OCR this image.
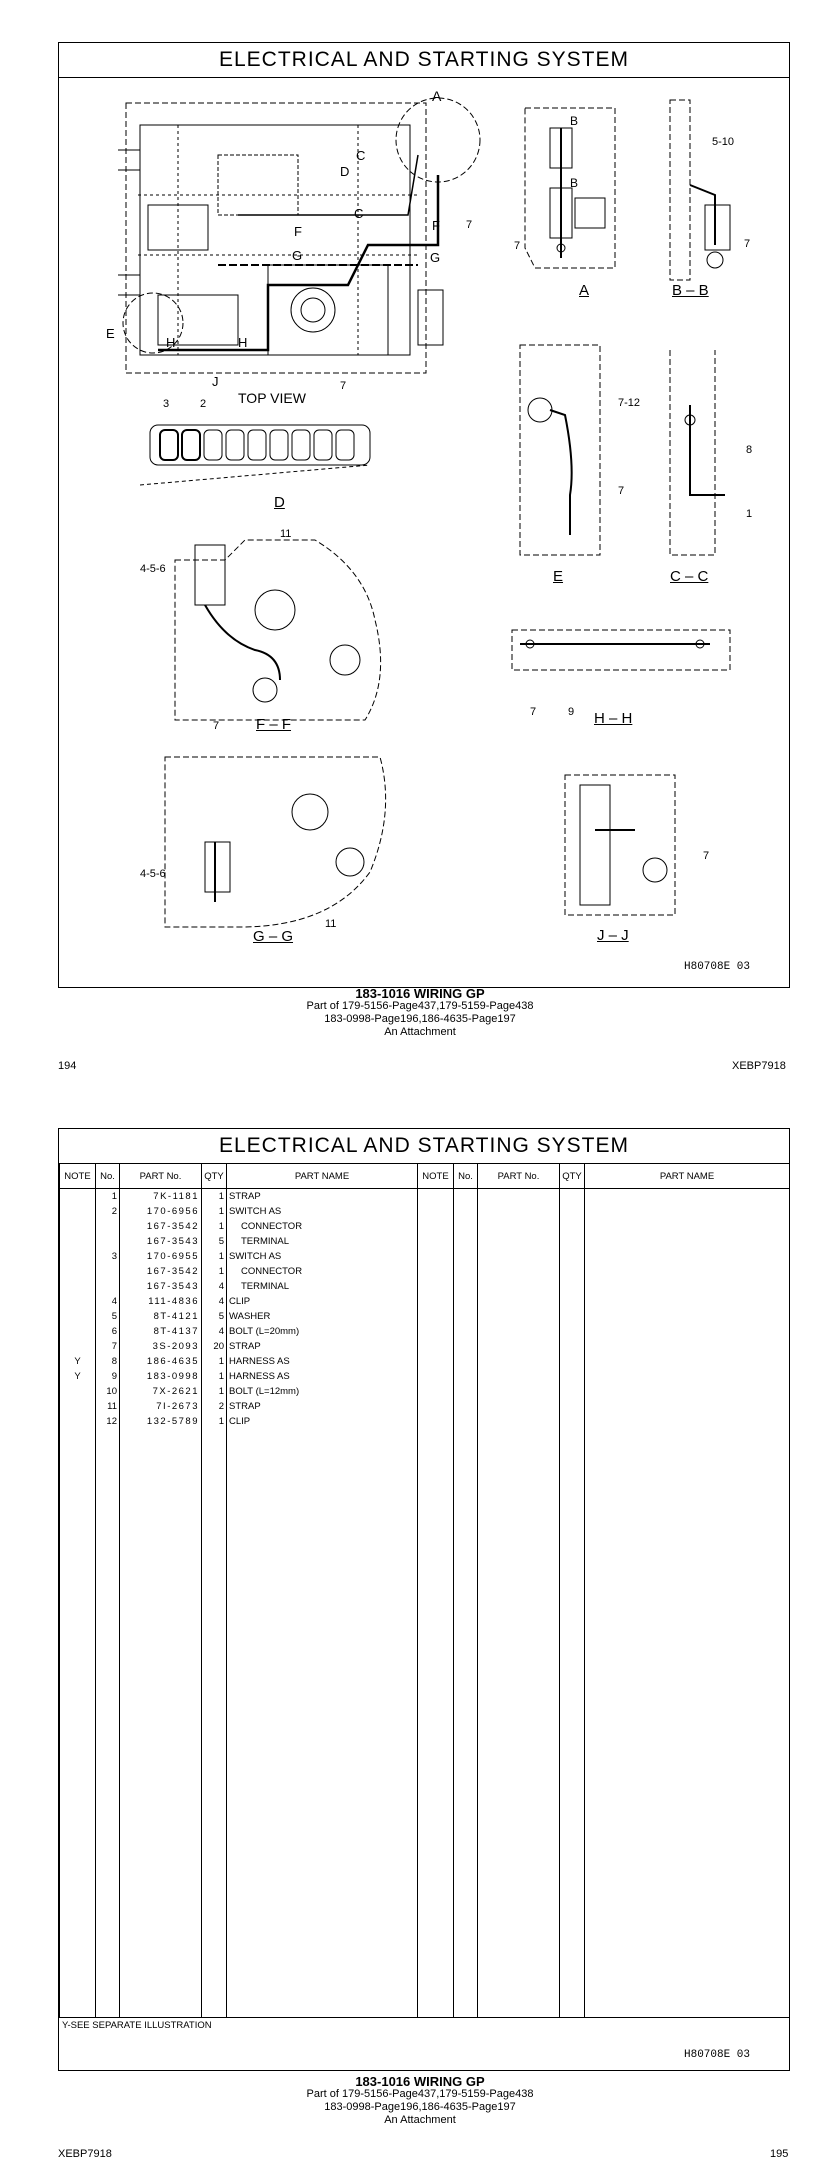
ELECTRICAL AND STARTING SYSTEM
A
C
D
C
F	F
G	G
7
7
E
H	H
J
TOP VIEW
B
B
7
A
5-10
7
B – B
3	2
D
7-12
7
E
8
1
C – C
11
4-5-6
7 F – F
7	9 H – H
4-5-6
11
G – G
7
J – J
H80708E 03
183-1016 WIRING GP
Part of 179-5156-Page437,179-5159-Page438
183-0998-Page196,186-4635-Page197
An Attachment
194	XEBP7918
ELECTRICAL AND STARTING SYSTEM
NOTE	No.	PART No.	QTY	PART NAME	NOTE	No.	PART No.	QTY	PART NAME
	1	7K-1181	1	STRAP					
	2	170-6956	1	SWITCH AS					
		167-3542	1	CONNECTOR					
		167-3543	5	TERMINAL					
	3	170-6955	1	SWITCH AS					
		167-3542	1	CONNECTOR					
		167-3543	4	TERMINAL					
	4	111-4836	4	CLIP					
	5	8T-4121	5	WASHER					
	6	8T-4137	4	BOLT (L=20mm)					
	7	3S-2093	20	STRAP					
Y	8	186-4635	1	HARNESS AS					
Y	9	183-0998	1	HARNESS AS					
	10	7X-2621	1	BOLT (L=12mm)					
	11	7I-2673	2	STRAP					
	12	132-5789	1	CLIP					

Y-SEE SEPARATE ILLUSTRATION
H80708E 03
183-1016 WIRING GP
Part of 179-5156-Page437,179-5159-Page438
183-0998-Page196,186-4635-Page197
An Attachment
XEBP7918	195
